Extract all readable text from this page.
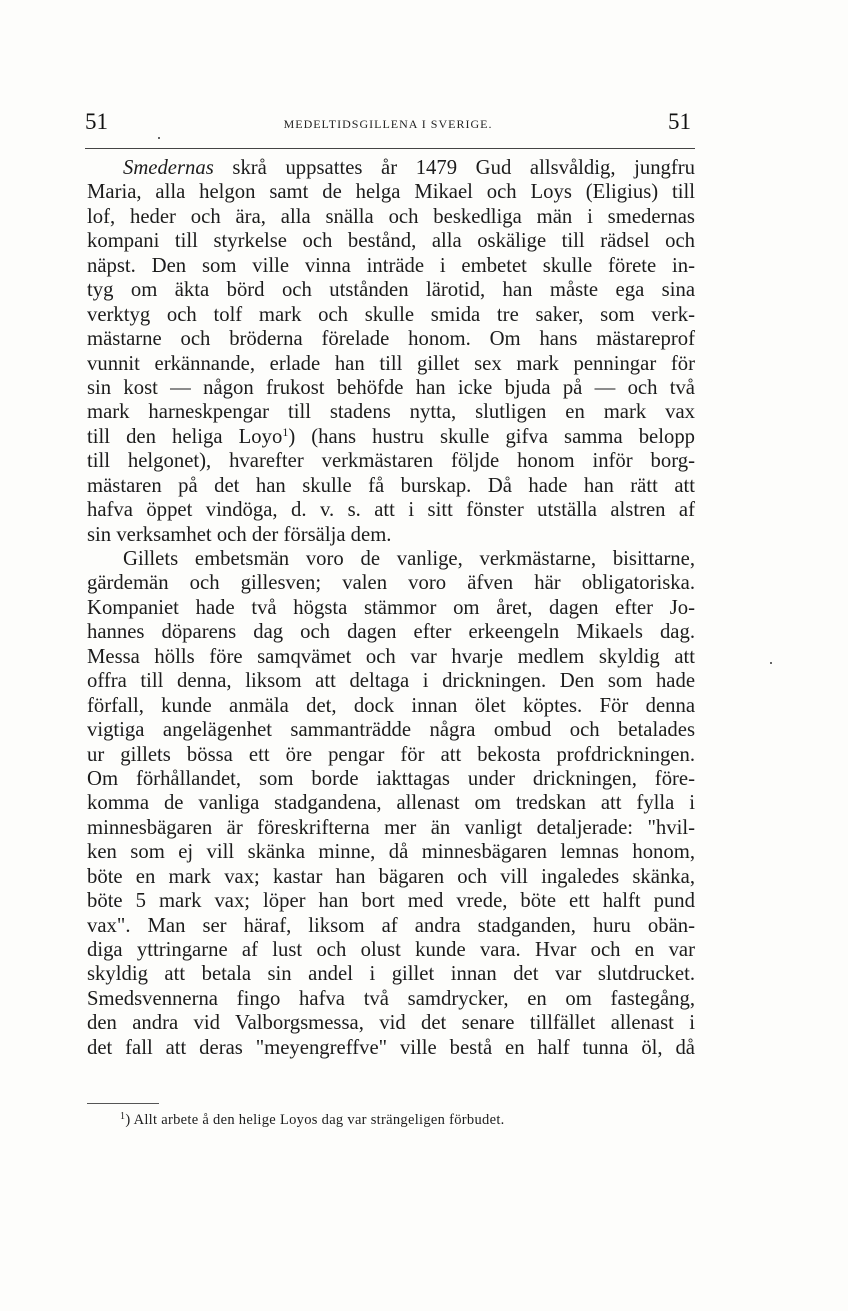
51	MEDELTIDSGILLENA I SVERIGE.	51
Smedernas skrå uppsattes år 1479 Gud allsvåldig, jungfru
Maria, alla helgon samt de helga Mikael och Loys (Eligius) till
lof, heder och ära, alla snälla och beskedliga män i smedernas
kompani till styrkelse och bestånd, alla oskälige till rädsel och
näpst. Den som ville vinna inträde i embetet skulle förete in-
tyg om äkta börd och utstånden lärotid, han måste ega sina
verktyg och tolf mark och skulle smida tre saker, som verk-
mästarne och bröderna förelade honom. Om hans mästareprof
vunnit erkännande, erlade han till gillet sex mark penningar för
sin kost — någon frukost behöfde han icke bjuda på — och två
mark harneskpengar till stadens nytta, slutligen en mark vax
till den heliga Loyo$^1$) (hans hustru skulle gifva samma belopp
till helgonet), hvarefter verkmästaren följde honom inför borg-
mästaren på det han skulle få burskap. Då hade han rätt att
hafva öppet vindöga, d. v. s. att i sitt fönster utställa alstren af
sin verksamhet och der försälja dem.
Gillets embetsmän voro de vanlige, verkmästarne, bisittarne,
gärdemän och gillesven; valen voro äfven här obligatoriska.
Kompaniet hade två högsta stämmor om året, dagen efter Jo-
hannes döparens dag och dagen efter erkeengeln Mikaels dag.
Messa hölls före samqvämet och var hvarje medlem skyldig att
offra till denna, liksom att deltaga i drickningen. Den som hade
förfall, kunde anmäla det, dock innan ölet köptes. För denna
vigtiga angelägenhet sammanträdde några ombud och betalades
ur gillets bössa ett öre pengar för att bekosta profdrickningen.
Om förhållandet, som borde iakttagas under drickningen, före-
komma de vanliga stadgandena, allenast om tredskan att fylla i
minnesbägaren är föreskrifterna mer än vanligt detaljerade: "hvil-
ken som ej vill skänka minne, då minnesbägaren lemnas honom,
böte en mark vax; kastar han bägaren och vill ingaledes skänka,
böte 5 mark vax; löper han bort med vrede, böte ett halft pund
vax". Man ser häraf, liksom af andra stadganden, huru obän-
diga yttringarne af lust och olust kunde vara. Hvar och en var
skyldig att betala sin andel i gillet innan det var slutdrucket.
Smedsvennerna fingo hafva två samdrycker, en om fastegång,
den andra vid Valborgsmessa, vid det senare tillfället allenast i
det fall att deras "meyengreffve" ville bestå en half tunna öl, då
$^1$) Allt arbete å den helige Loyos dag var strängeligen förbudet.
